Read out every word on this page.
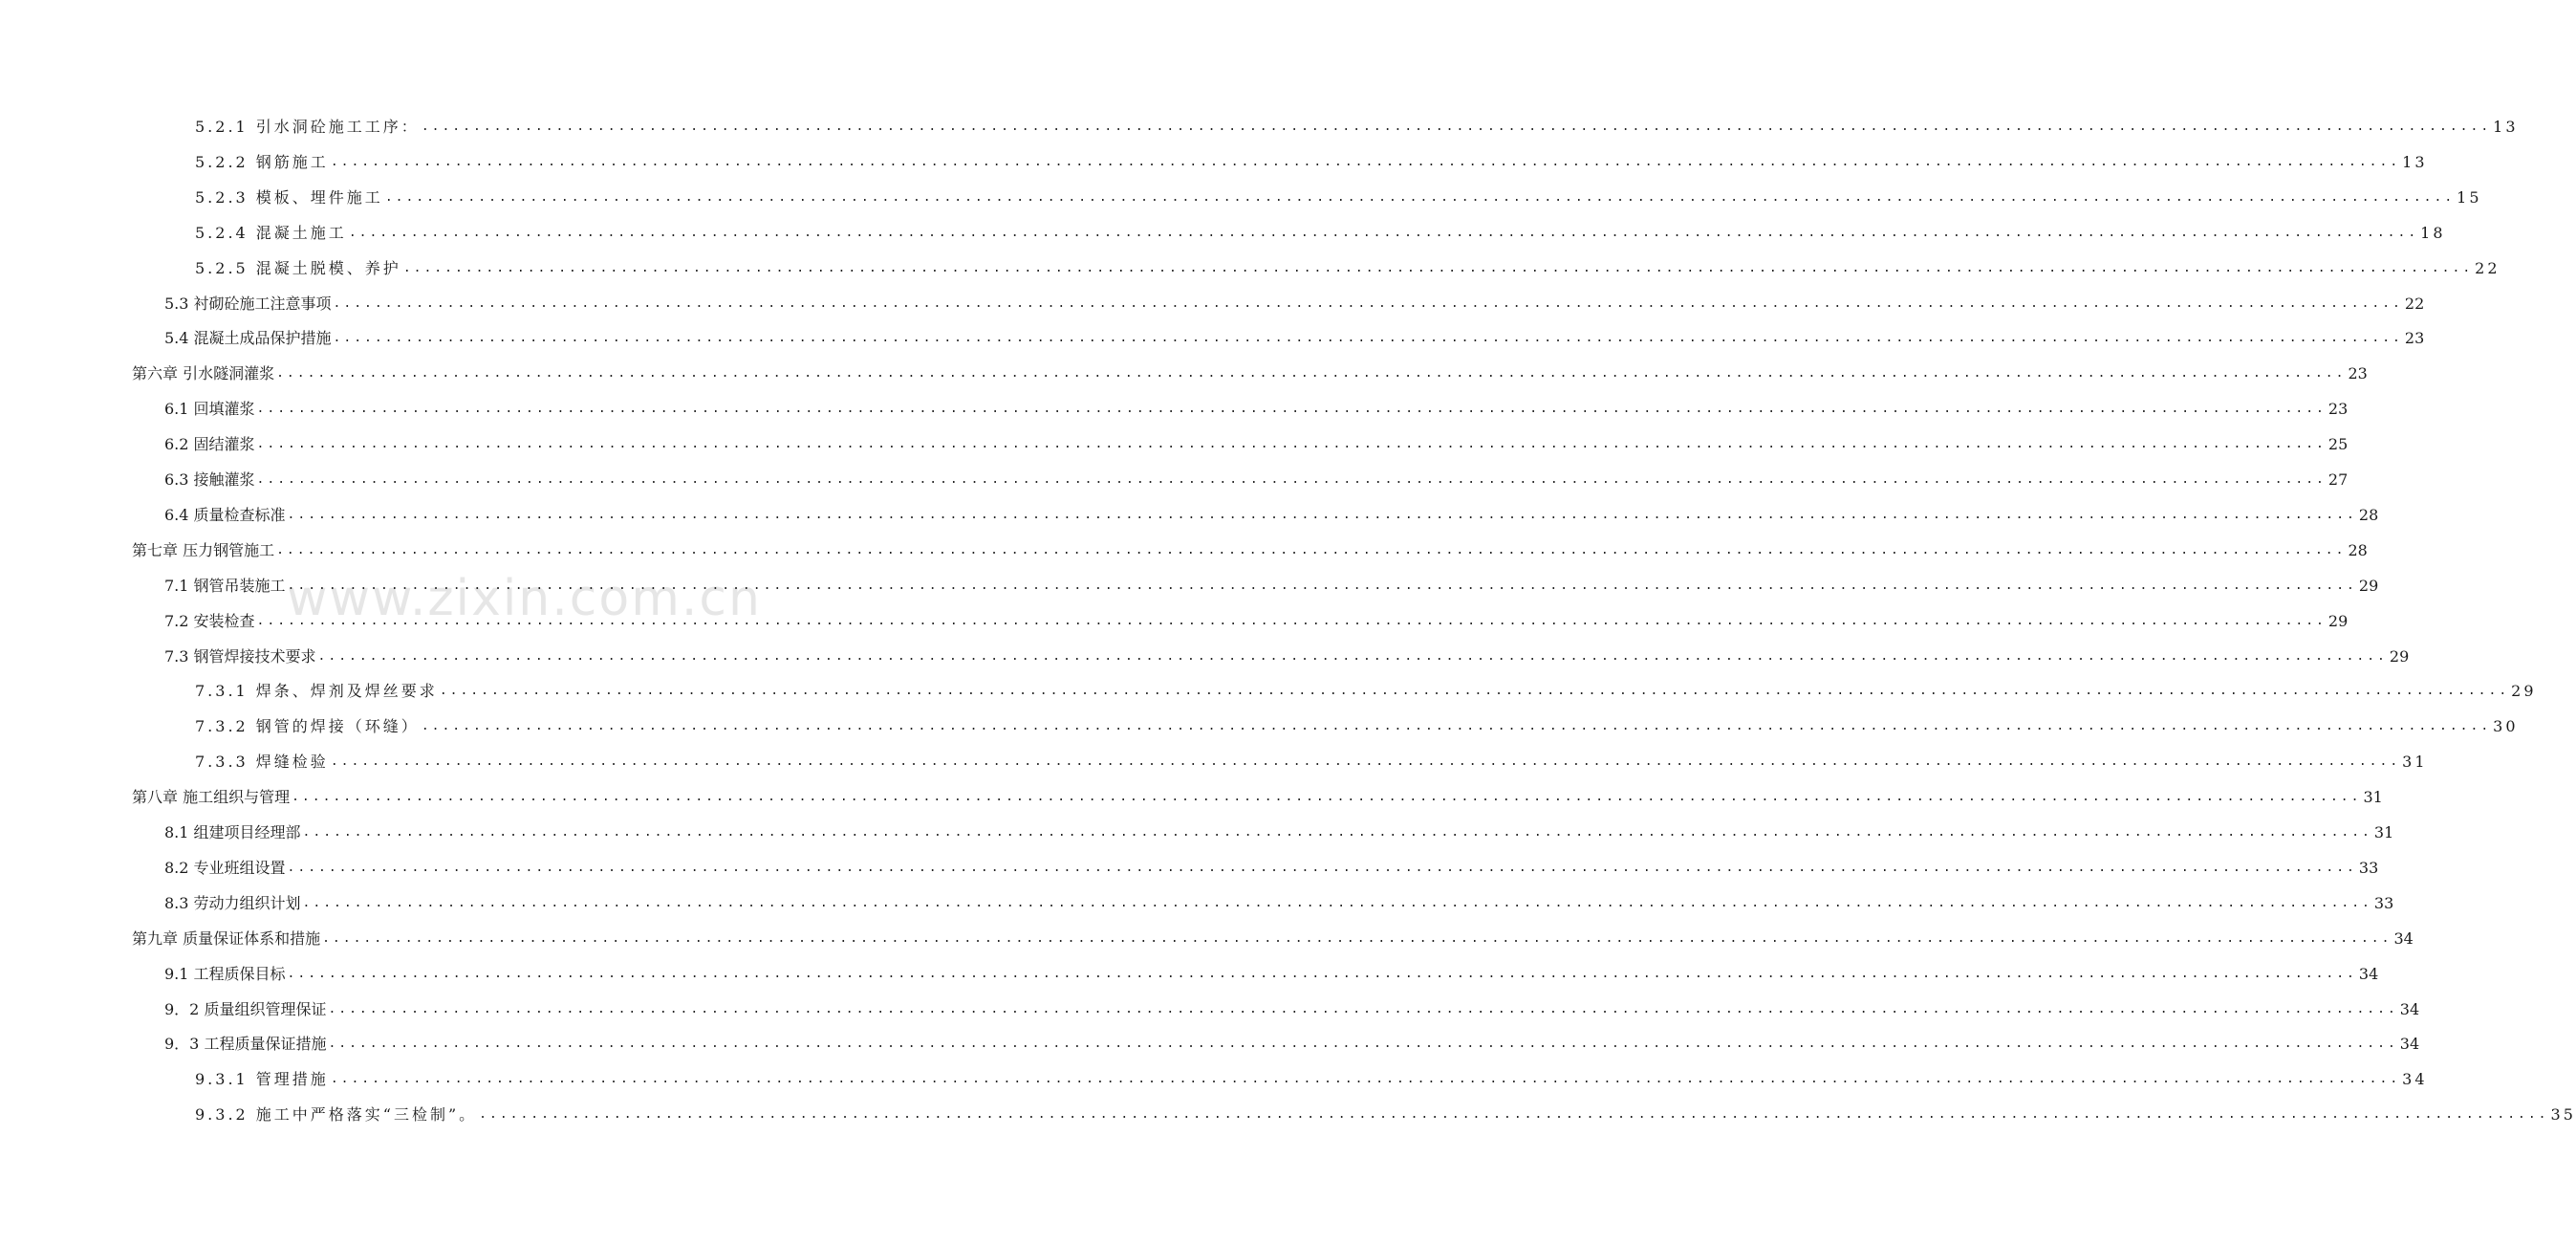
www.zixin.com.cn
5.2.1 引水洞砼施工工序： ........................................................................................................................................................................................................ 13
5.2.2 钢筋施工 ........................................................................................................................................................................................................ 13
5.2.3 模板、埋件施工 ........................................................................................................................................................................................................ 15
5.2.4 混凝土施工 ........................................................................................................................................................................................................ 18
5.2.5 混凝土脱模、养护 ........................................................................................................................................................................................................ 22
5.3 衬砌砼施工注意事项 ........................................................................................................................................................................................................ 22
5.4 混凝土成品保护措施 ........................................................................................................................................................................................................ 23
第六章 引水隧洞灌浆 ........................................................................................................................................................................................................ 23
6.1 回填灌浆 ........................................................................................................................................................................................................ 23
6.2 固结灌浆 ........................................................................................................................................................................................................ 25
6.3 接触灌浆 ........................................................................................................................................................................................................ 27
6.4 质量检查标准 ........................................................................................................................................................................................................ 28
第七章 压力钢管施工 ........................................................................................................................................................................................................ 28
7.1 钢管吊装施工 ........................................................................................................................................................................................................ 29
7.2 安装检查 ........................................................................................................................................................................................................ 29
7.3 钢管焊接技术要求 ........................................................................................................................................................................................................ 29
7.3.1 焊条、焊剂及焊丝要求 ........................................................................................................................................................................................................ 29
7.3.2 钢管的焊接（环缝） ........................................................................................................................................................................................................ 30
7.3.3 焊缝检验 ........................................................................................................................................................................................................ 31
第八章 施工组织与管理 ........................................................................................................................................................................................................ 31
8.1 组建项目经理部 ........................................................................................................................................................................................................ 31
8.2 专业班组设置 ........................................................................................................................................................................................................ 33
8.3 劳动力组织计划 ........................................................................................................................................................................................................ 33
第九章 质量保证体系和措施 ........................................................................................................................................................................................................ 34
9.1 工程质保目标 ........................................................................................................................................................................................................ 34
9．2 质量组织管理保证 ........................................................................................................................................................................................................ 34
9．3 工程质量保证措施 ........................................................................................................................................................................................................ 34
9.3.1 管理措施 ........................................................................................................................................................................................................ 34
9.3.2 施工中严格落实“三检制”。 ........................................................................................................................................................................................................ 35
